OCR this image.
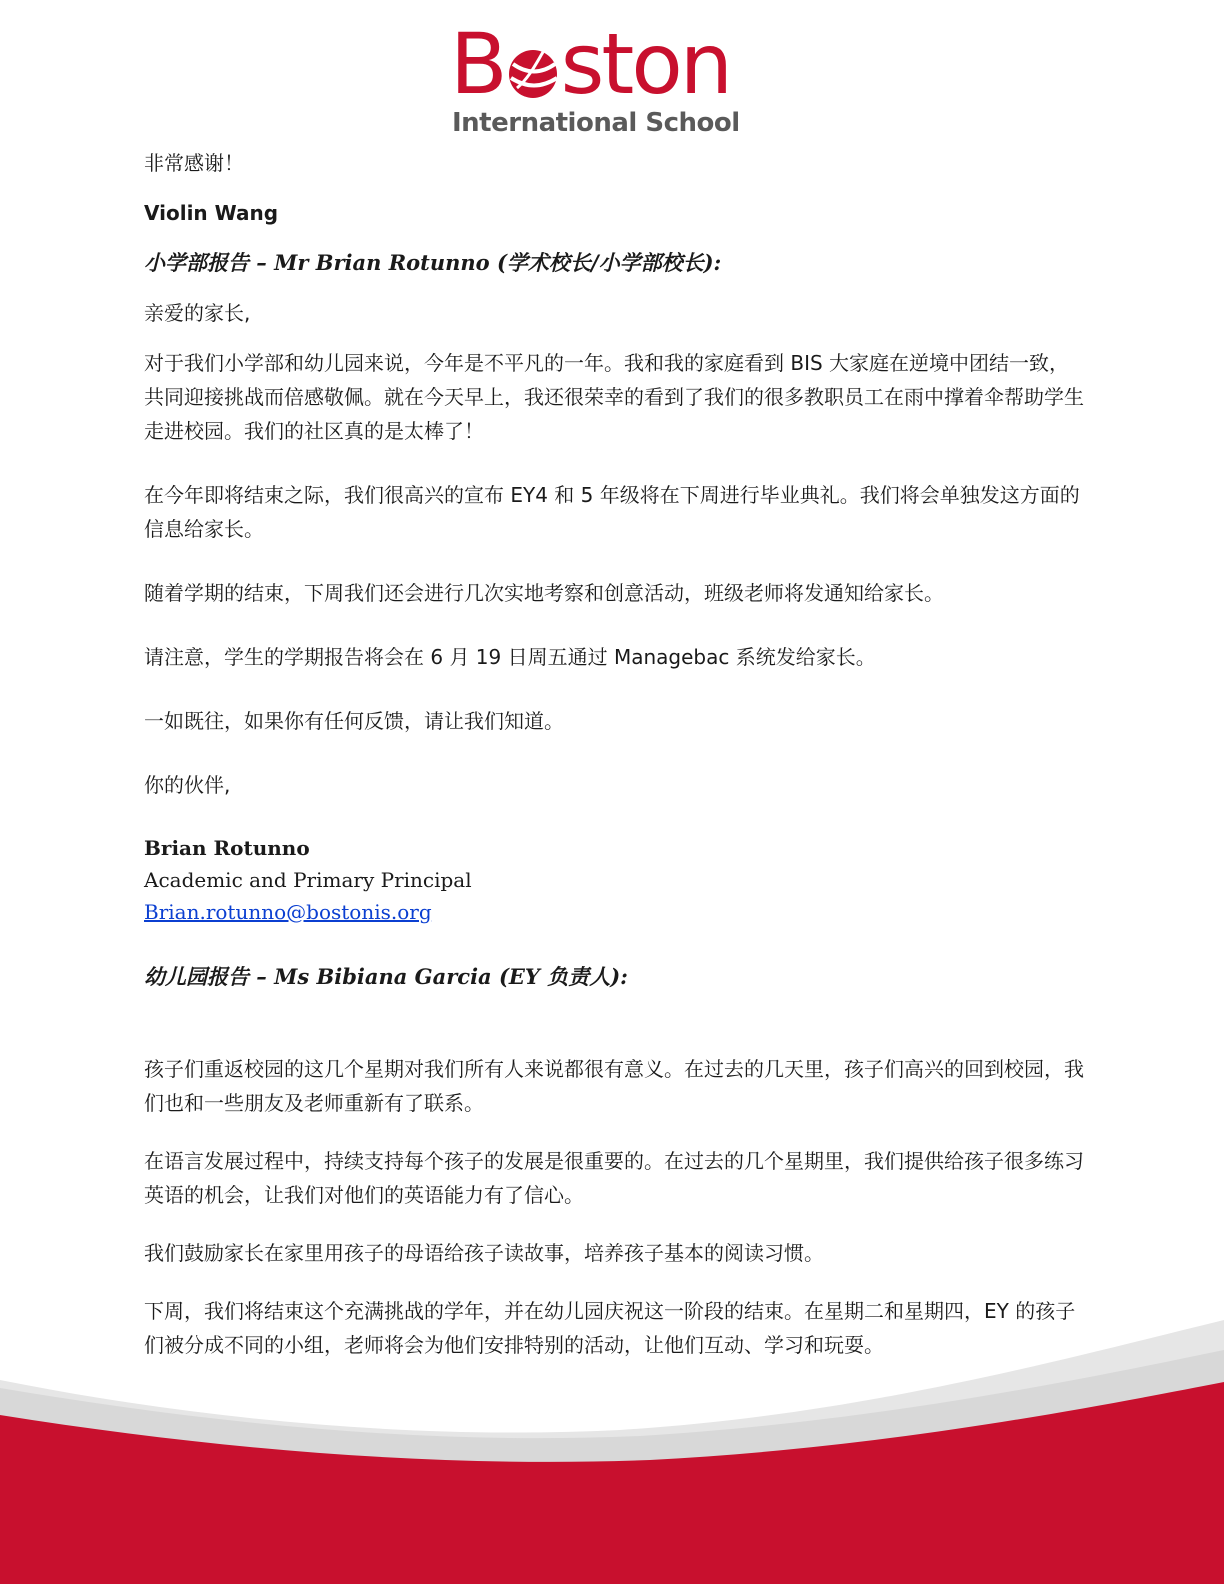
B ston
International School

非常感谢！

Violin Wang

小学部报告 – Mr Brian Rotunno (学术校长/小学部校长):

亲爱的家长,

对于我们小学部和幼儿园来说，今年是不平凡的一年。我和我的家庭看到 BIS 大家庭在逆境中团结一致，共同迎接挑战而倍感敬佩。就在今天早上，我还很荣幸的看到了我们的很多教职员工在雨中撑着伞帮助学生走进校园。我们的社区真的是太棒了！

在今年即将结束之际，我们很高兴的宣布 EY4 和 5 年级将在下周进行毕业典礼。我们将会单独发这方面的信息给家长。

随着学期的结束，下周我们还会进行几次实地考察和创意活动，班级老师将发通知给家长。

请注意，学生的学期报告将会在 6 月 19 日周五通过 Managebac 系统发给家长。

一如既往，如果你有任何反馈，请让我们知道。

你的伙伴,

Brian Rotunno

Academic and Primary Principal

Brian.rotunno@bostonis.org

幼儿园报告 – Ms Bibiana Garcia (EY 负责人):

孩子们重返校园的这几个星期对我们所有人来说都很有意义。在过去的几天里，孩子们高兴的回到校园，我们也和一些朋友及老师重新有了联系。

在语言发展过程中，持续支持每个孩子的发展是很重要的。在过去的几个星期里，我们提供给孩子很多练习英语的机会，让我们对他们的英语能力有了信心。

我们鼓励家长在家里用孩子的母语给孩子读故事，培养孩子基本的阅读习惯。

下周，我们将结束这个充满挑战的学年，并在幼儿园庆祝这一阶段的结束。在星期二和星期四，EY 的孩子们被分成不同的小组，老师将会为他们安排特别的活动，让他们互动、学习和玩耍。
